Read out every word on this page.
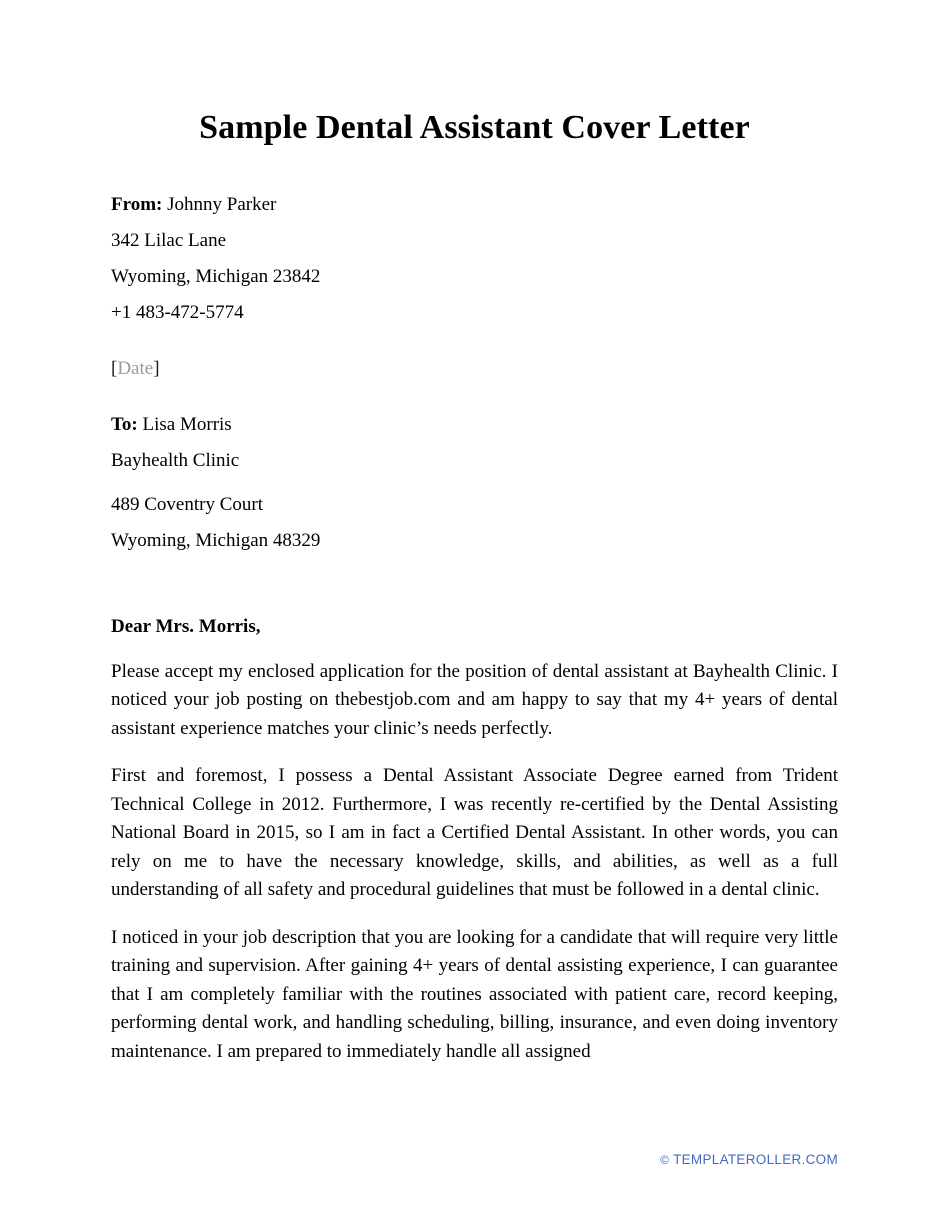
Sample Dental Assistant Cover Letter
From: Johnny Parker
342 Lilac Lane
Wyoming, Michigan 23842
+1 483-472-5774
[Date]
To: Lisa Morris
Bayhealth Clinic
489 Coventry Court
Wyoming, Michigan 48329
Dear Mrs. Morris,

Please accept my enclosed application for the position of dental assistant at Bayhealth Clinic. I noticed your job posting on thebestjob.com and am happy to say that my 4+ years of dental assistant experience matches your clinic’s needs perfectly.

First and foremost, I possess a Dental Assistant Associate Degree earned from Trident Technical College in 2012. Furthermore, I was recently re-certified by the Dental Assisting National Board in 2015, so I am in fact a Certified Dental Assistant. In other words, you can rely on me to have the necessary knowledge, skills, and abilities, as well as a full understanding of all safety and procedural guidelines that must be followed in a dental clinic.

I noticed in your job description that you are looking for a candidate that will require very little training and supervision. After gaining 4+ years of dental assisting experience, I can guarantee that I am completely familiar with the routines associated with patient care, record keeping, performing dental work, and handling scheduling, billing, insurance, and even doing inventory maintenance. I am prepared to immediately handle all assigned

© TEMPLATEROLLER.COM
